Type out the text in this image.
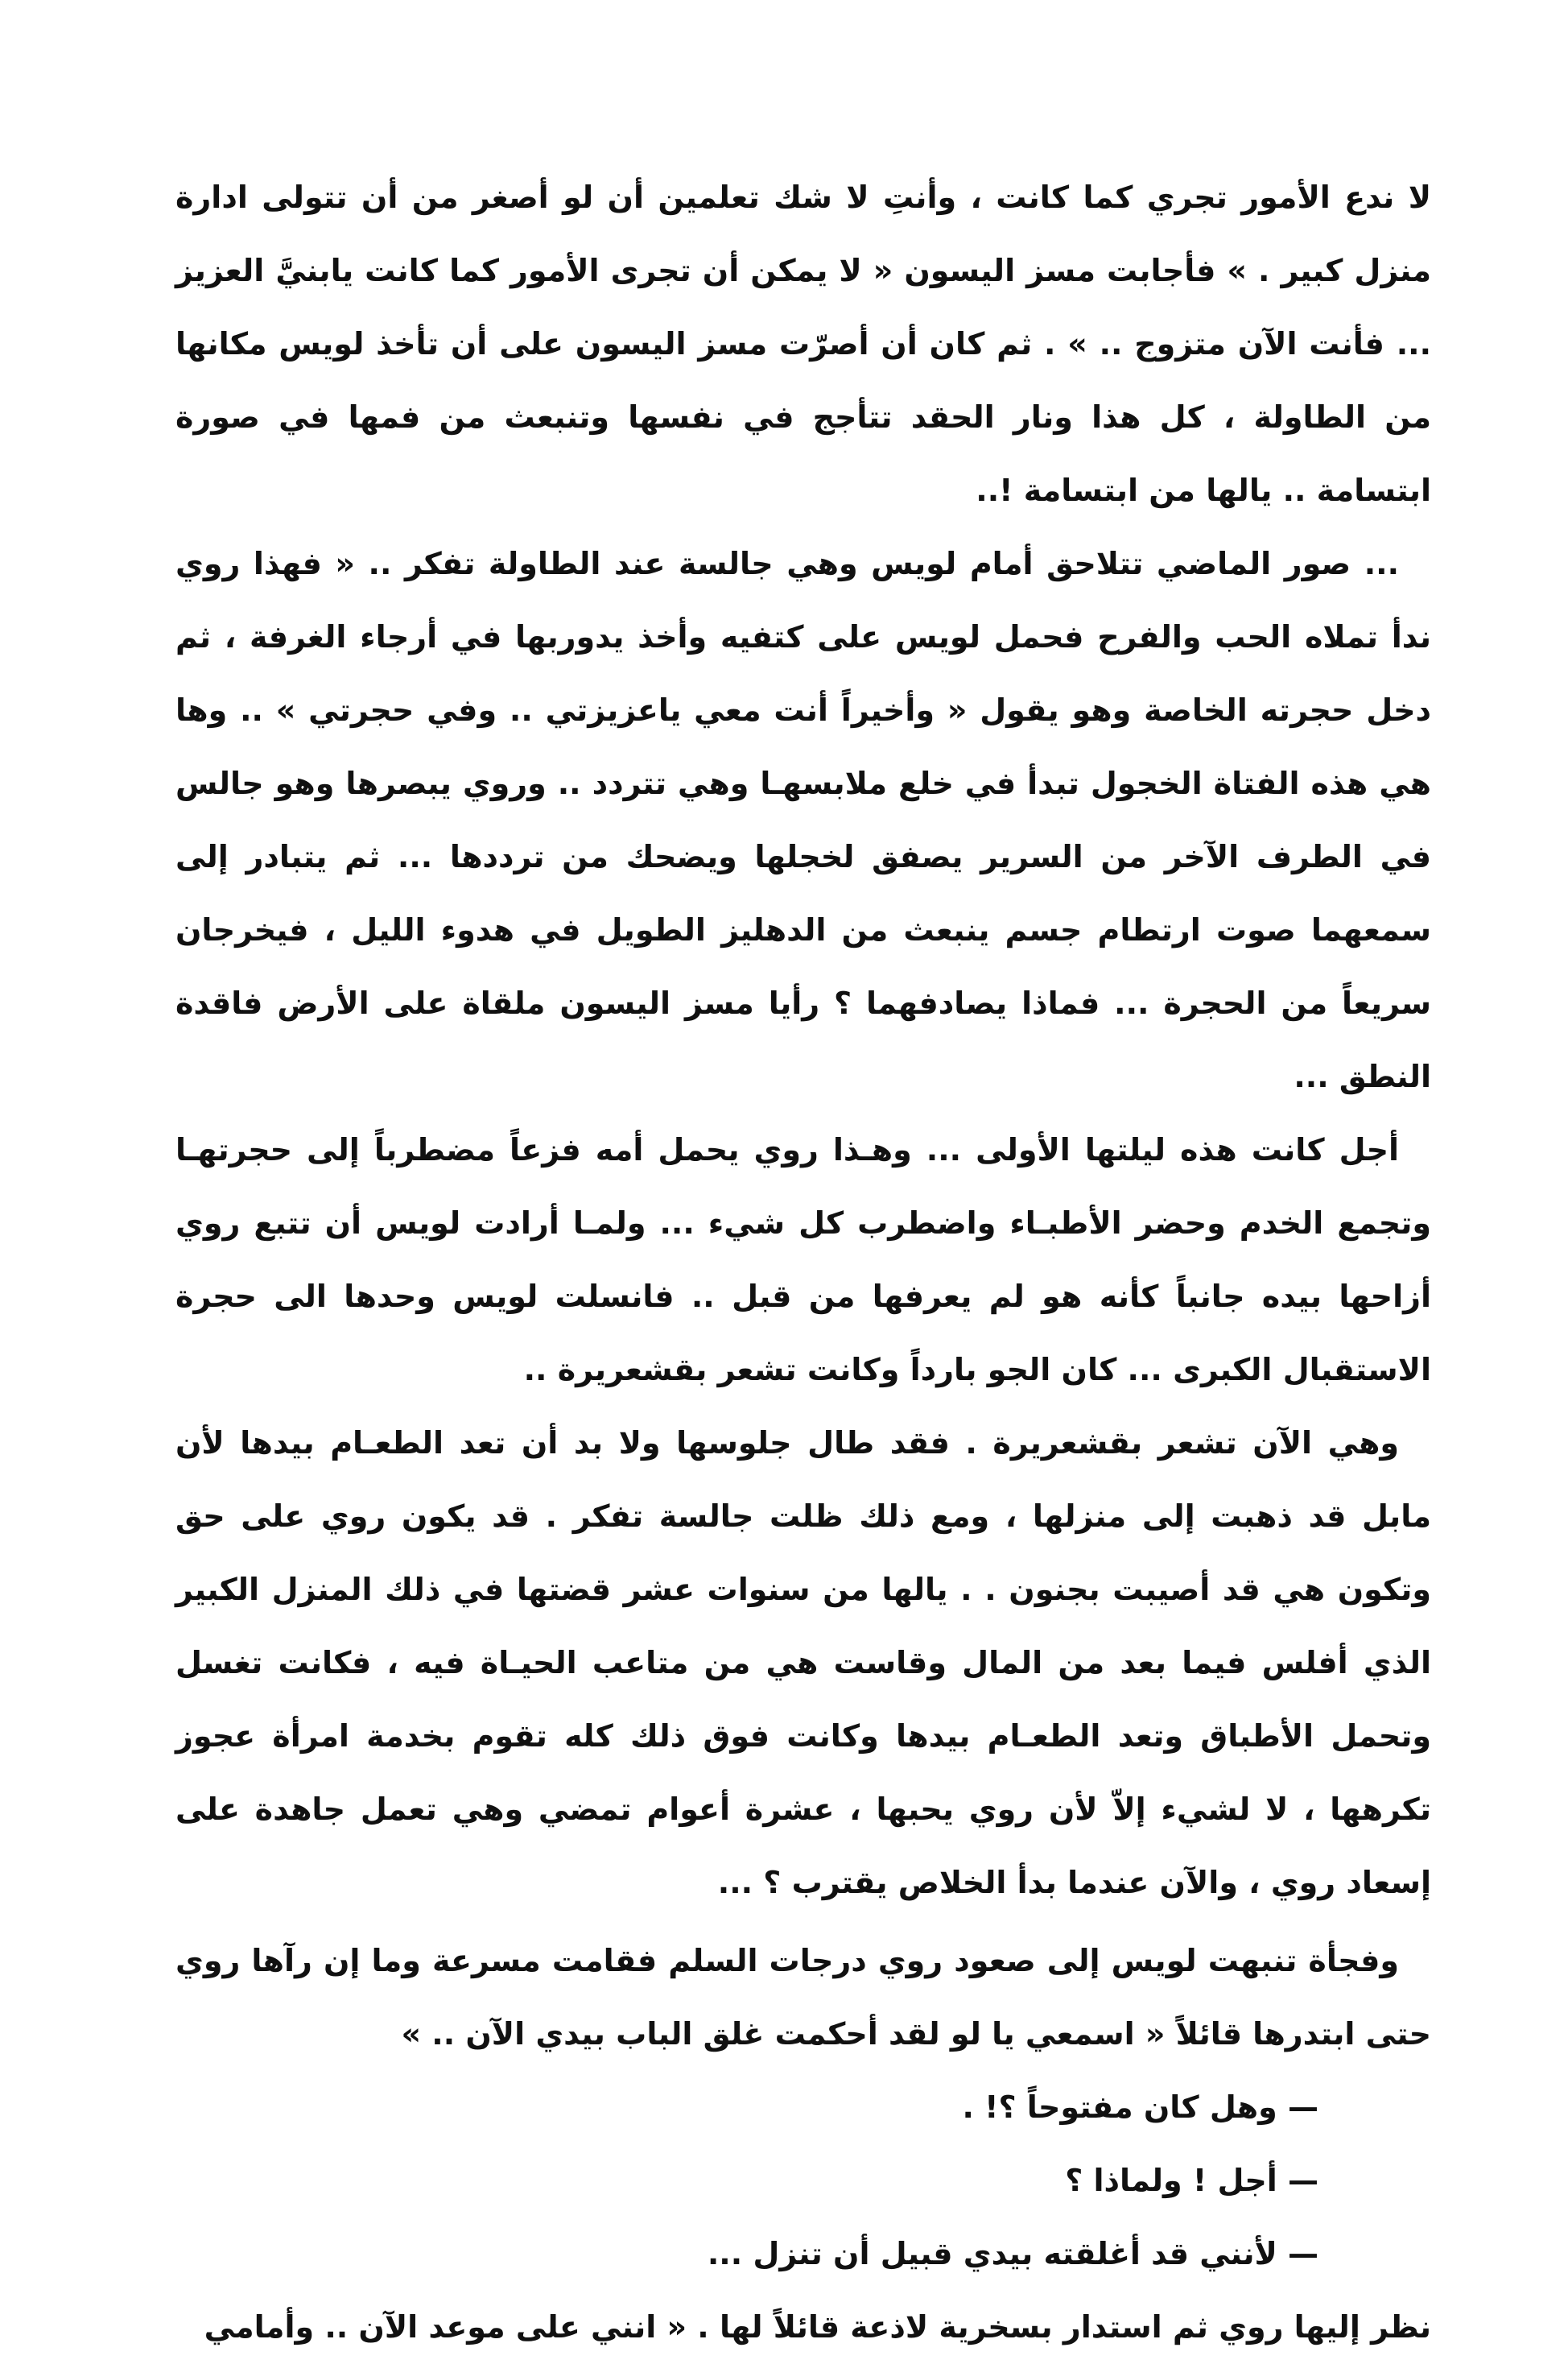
لا ندع الأمور تجري كما كانت ، وأنتِ لا شك تعلمين أن لو أصغر من أن تتولى ادارة منزل كبير . » فأجابت مسز اليسون « لا يمكن أن تجرى الأمور كما كانت يابنيَّ العزيز ... فأنت الآن متزوج .. » . ثم كان أن أصرّت مسز اليسون على أن تأخذ لويس مكانها من الطاولة ، كل هذا ونار الحقد تتأجج في نفسها وتنبعث من فمها في صورة ابتسامة .. يالها من ابتسامة !..

... صور الماضي تتلاحق أمام لويس وهي جالسة عند الطاولة تفكر .. « فهذا روي ندأ تملاه الحب والفرح فحمل لويس على كتفيه وأخذ يدوربها في أرجاء الغرفة ، ثم دخل حجرته الخاصة وهو يقول « وأخيراً أنت معي ياعزيزتي .. وفي حجرتي » .. وها هي هذه الفتاة الخجول تبدأ في خلع ملابسهـا وهي تتردد .. وروي يبصرها وهو جالس في الطرف الآخر من السرير يصفق لخجلها ويضحك من ترددها ... ثم يتبادر إلى سمعهما صوت ارتطام جسم ينبعث من الدهليز الطويل في هدوء الليل ، فيخرجان سريعاً من الحجرة ... فماذا يصادفهما ؟ رأيا مسز اليسون ملقاة على الأرض فاقدة النطق ...

أجل كانت هذه ليلتها الأولى ... وهـذا روي يحمل أمه فزعاً مضطرباً إلى حجرتهـا وتجمع الخدم وحضر الأطبـاء واضطرب كل شيء ... ولمـا أرادت لويس أن تتبع روي أزاحها بيده جانباً كأنه هو لم يعرفها من قبل .. فانسلت لويس وحدها الى حجرة الاستقبال الكبرى ... كان الجو بارداً وكانت تشعر بقشعريرة ..

وهي الآن تشعر بقشعريرة . فقد طال جلوسها ولا بد أن تعد الطعـام بيدها لأن مابل قد ذهبت إلى منزلها ، ومع ذلك ظلت جالسة تفكر . قد يكون روي على حق وتكون هي قد أصيبت بجنون . . يالها من سنوات عشر قضتها في ذلك المنزل الكبير الذي أفلس فيما بعد من المال وقاست هي من متاعب الحيـاة فيه ، فكانت تغسل وتحمل الأطباق وتعد الطعـام بيدها وكانت فوق ذلك كله تقوم بخدمة امرأة عجوز تكرهها ، لا لشيء إلاّ لأن روي يحبها ، عشرة أعوام تمضي وهي تعمل جاهدة على إسعاد روي ، والآن عندما بدأ الخلاص يقترب ؟ ...

وفجأة تنبهت لويس إلى صعود روي درجات السلم فقامت مسرعة وما إن رآها روي حتى ابتدرها قائلاً « اسمعي يا لو لقد أحكمت غلق الباب بيدي الآن .. »

— وهل كان مفتوحاً ؟! .

— أجل ! ولماذا ؟

— لأنني قد أغلقته بيدي قبيل أن تنزل ...

نظر إليها روي ثم استدار بسخرية لاذعة قائلاً لها . « انني على موعد الآن .. وأمامي
